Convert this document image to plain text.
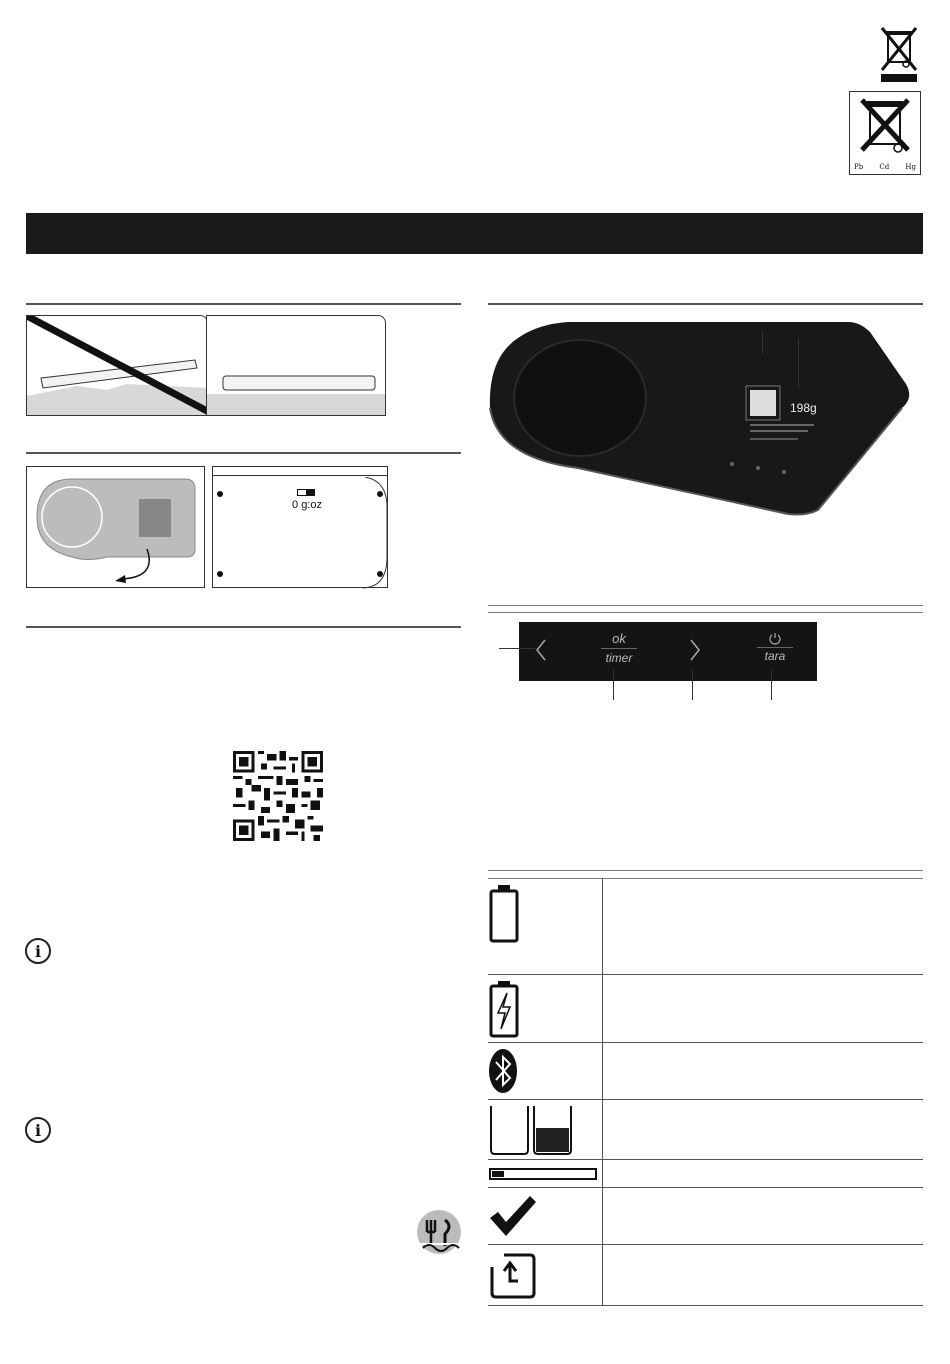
Pb Cd Hg
0 g:oz
i
i
198g
ok
timer	tara
